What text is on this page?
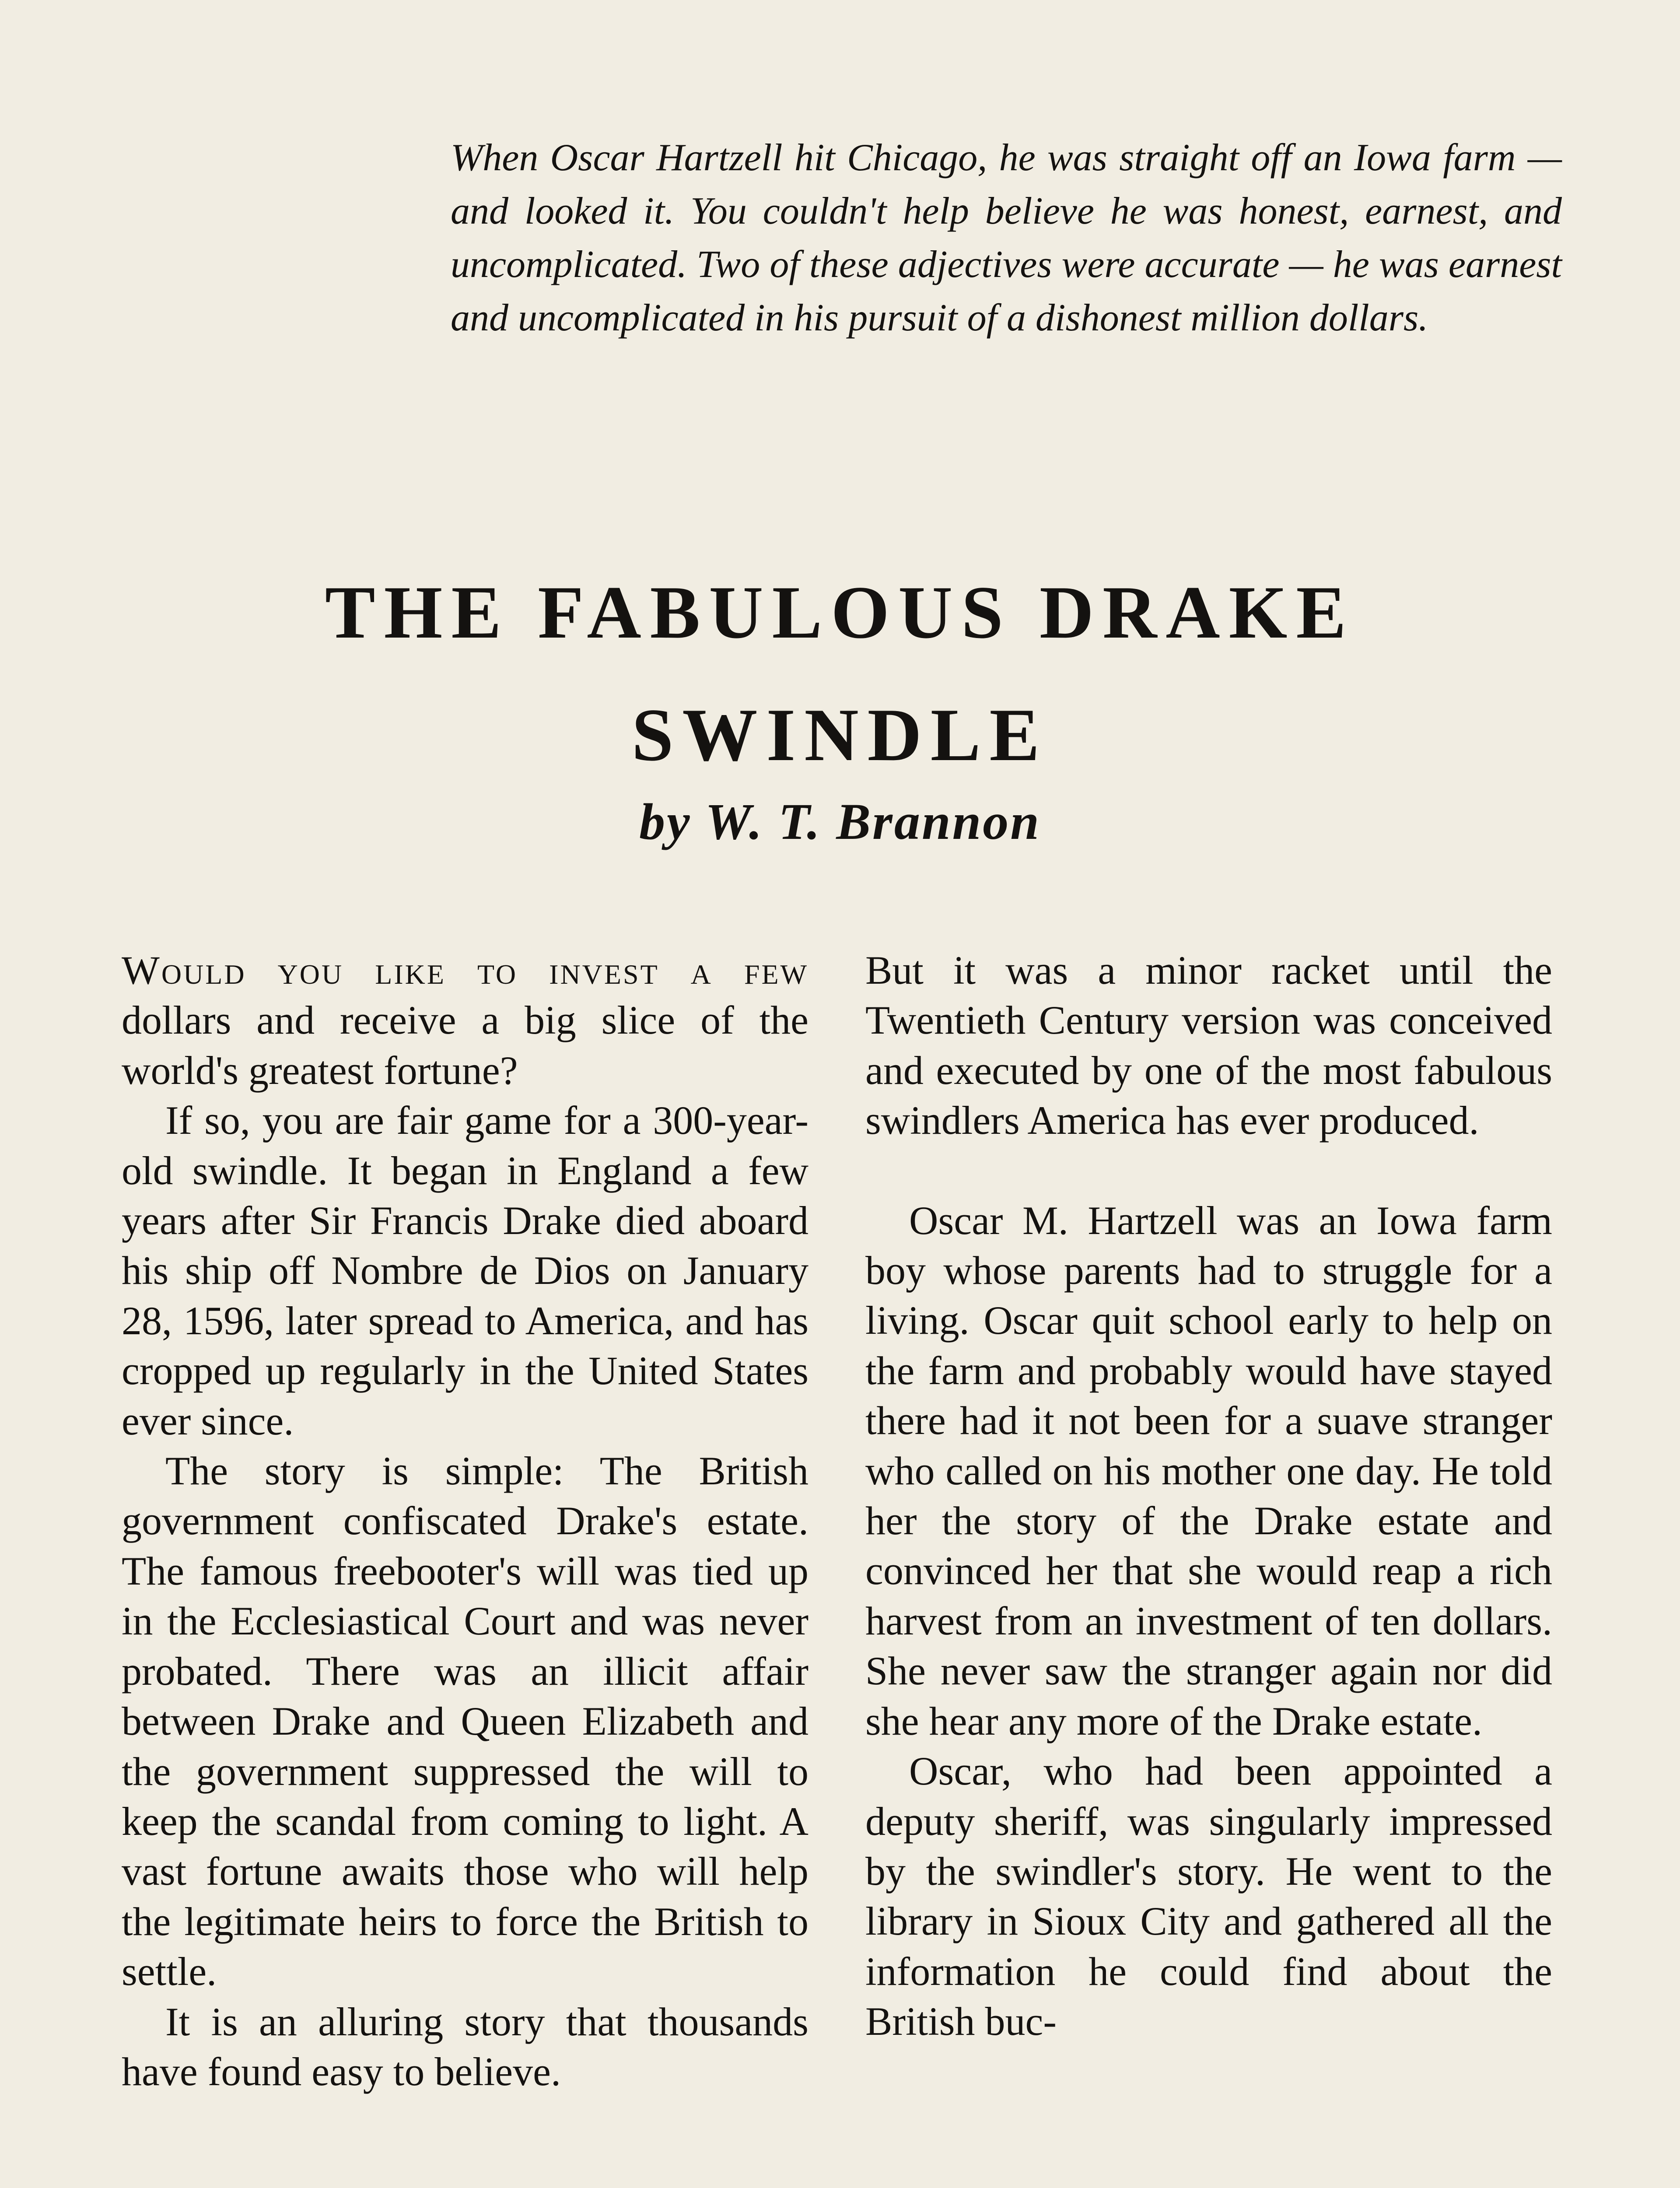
When Oscar Hartzell hit Chicago, he was straight off an Iowa farm — and looked it. You couldn't help believe he was honest, earnest, and uncomplicated. Two of these adjectives were accurate — he was earnest and uncomplicated in his pursuit of a dishonest million dollars.

THE FABULOUS DRAKE SWINDLE

by W. T. Brannon

Would you like to invest a few dollars and receive a big slice of the world's greatest fortune?

If so, you are fair game for a 300-year-old swindle. It began in England a few years after Sir Francis Drake died aboard his ship off Nombre de Dios on January 28, 1596, later spread to America, and has cropped up regularly in the United States ever since.

The story is simple: The British government confiscated Drake's estate. The famous freebooter's will was tied up in the Ecclesiastical Court and was never probated. There was an illicit affair between Drake and Queen Elizabeth and the government suppressed the will to keep the scandal from coming to light. A vast fortune awaits those who will help the legitimate heirs to force the British to settle.

It is an alluring story that thousands have found easy to believe.

But it was a minor racket until the Twentieth Century version was conceived and executed by one of the most fabulous swindlers America has ever produced.

Oscar M. Hartzell was an Iowa farm boy whose parents had to struggle for a living. Oscar quit school early to help on the farm and probably would have stayed there had it not been for a suave stranger who called on his mother one day. He told her the story of the Drake estate and convinced her that she would reap a rich harvest from an investment of ten dollars. She never saw the stranger again nor did she hear any more of the Drake estate.

Oscar, who had been appointed a deputy sheriff, was singularly impressed by the swindler's story. He went to the library in Sioux City and gathered all the information he could find about the British buc-
